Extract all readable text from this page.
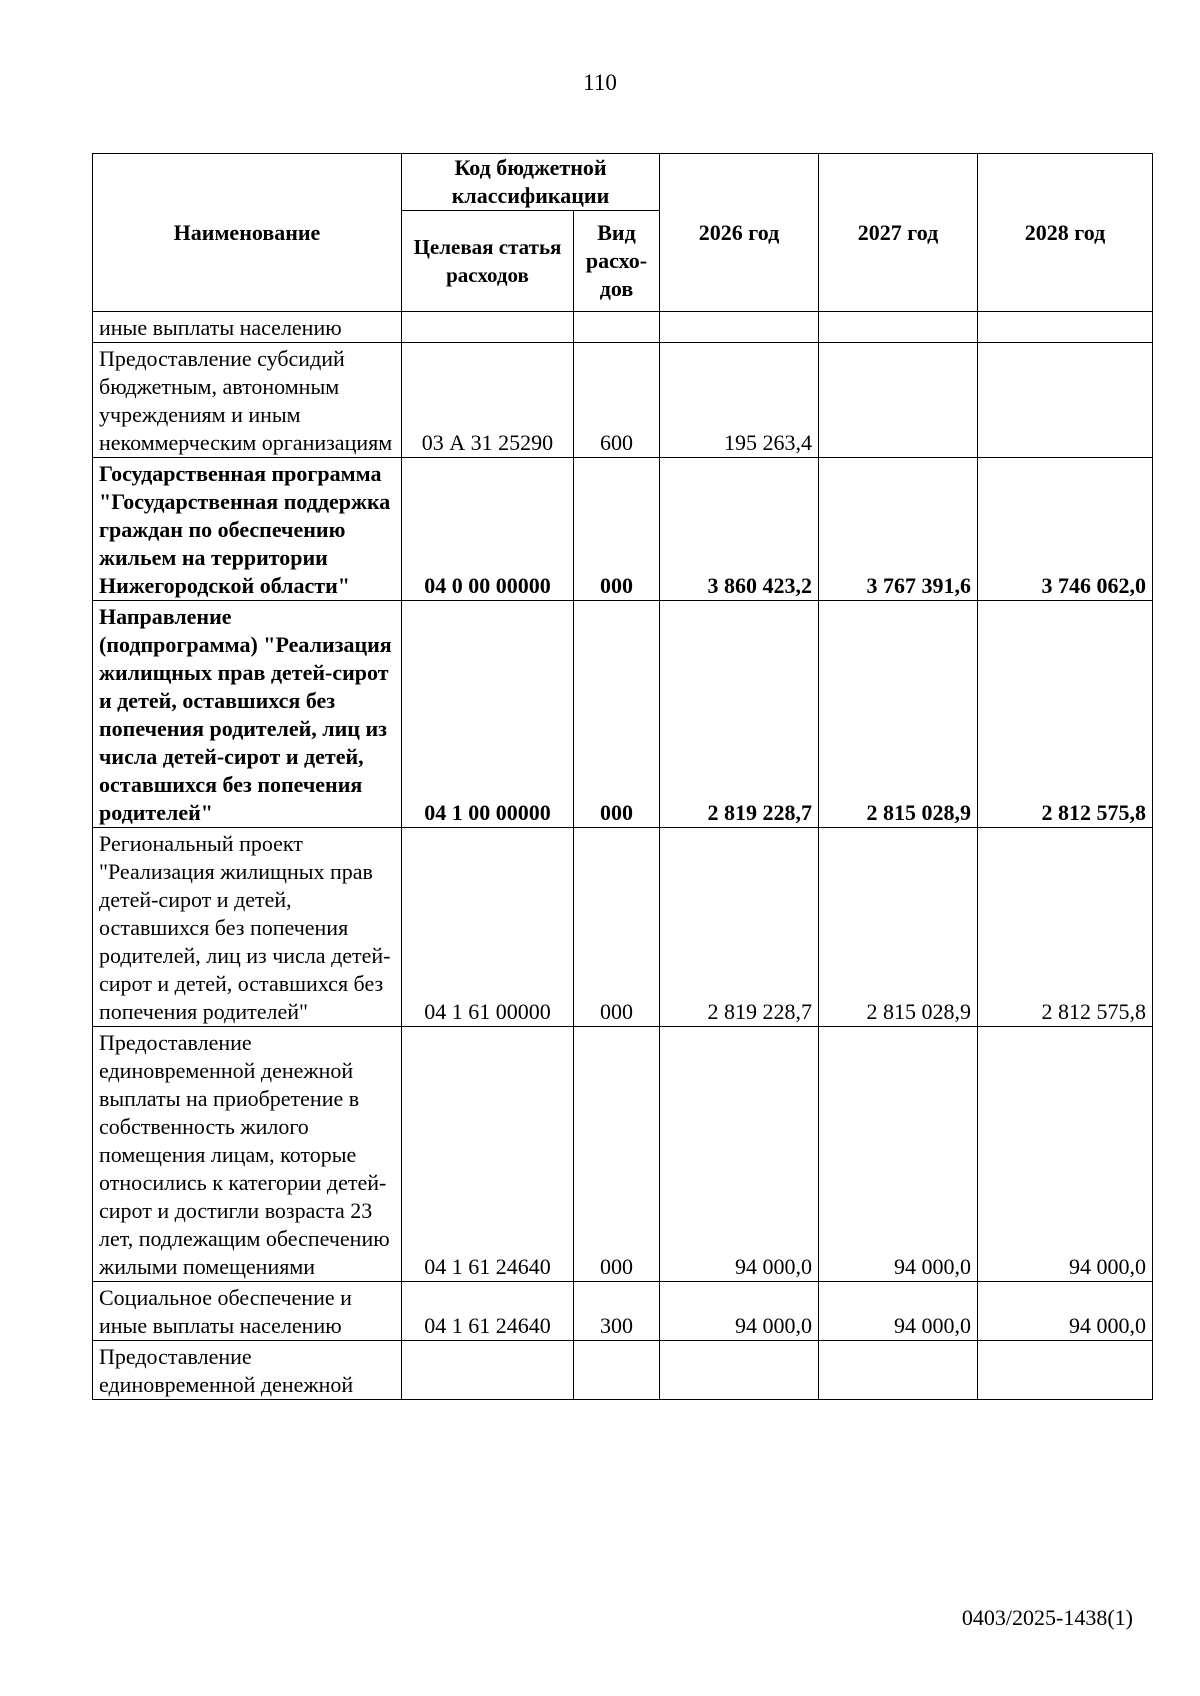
110
Наименование	Код бюджетной классификации		2026 год	2027 год	2028 год
	Целевая статья расходов	Вид расхо-дов			
иные выплаты населению					
Предоставление субсидий бюджетным, автономным учреждениям и иным некоммерческим организациям	03 А 31 25290	600	195 263,4		
Государственная программа "Государственная поддержка граждан по обеспечению жильем на территории Нижегородской области"	04 0 00 00000	000	3 860 423,2	3 767 391,6	3 746 062,0
Направление (подпрограмма) "Реализация жилищных прав детей-сирот и детей, оставшихся без попечения родителей, лиц из числа детей-сирот и детей, оставшихся без попечения родителей"	04 1 00 00000	000	2 819 228,7	2 815 028,9	2 812 575,8
Региональный проект "Реализация жилищных прав детей-сирот и детей, оставшихся без попечения родителей, лиц из числа детей-сирот и детей, оставшихся без попечения родителей"	04 1 61 00000	000	2 819 228,7	2 815 028,9	2 812 575,8
Предоставление единовременной денежной выплаты на приобретение в собственность жилого помещения лицам, которые относились к категории детей-сирот и достигли возраста 23 лет, подлежащим обеспечению жилыми помещениями	04 1 61 24640	000	94 000,0	94 000,0	94 000,0
Социальное обеспечение и иные выплаты населению	04 1 61 24640	300	94 000,0	94 000,0	94 000,0
Предоставление единовременной денежной					
0403/2025-1438(1)
